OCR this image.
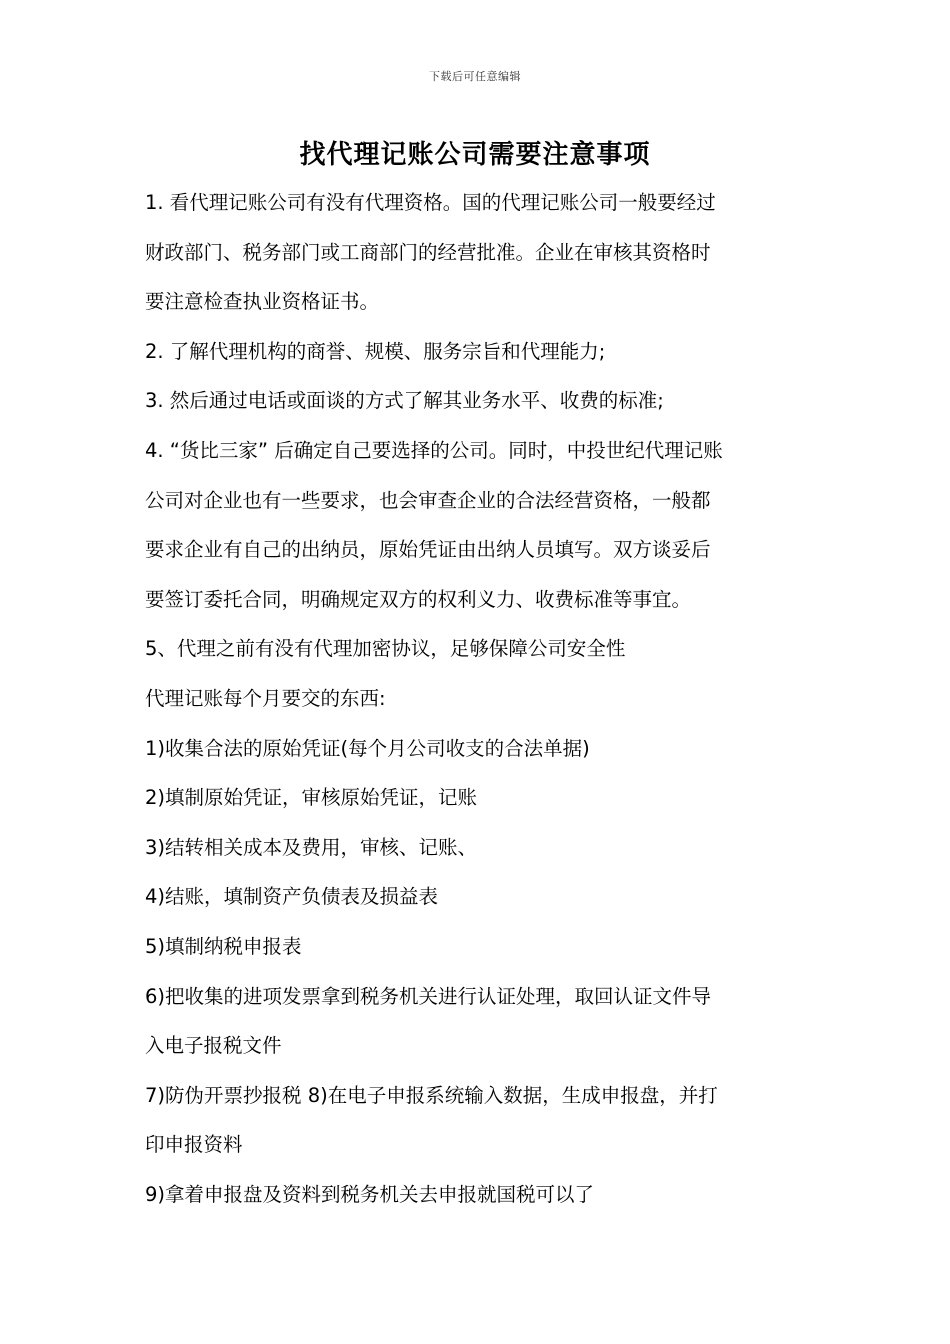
下载后可任意编辑
找代理记账公司需要注意事项
1. 看代理记账公司有没有代理资格。国的代理记账公司一般要经过
财政部门、税务部门或工商部门的经营批准。企业在审核其资格时
要注意检查执业资格证书。
2. 了解代理机构的商誉、规模、服务宗旨和代理能力;
3. 然后通过电话或面谈的方式了解其业务水平、收费的标准;
4. “货比三家” 后确定自己要选择的公司。同时，中投世纪代理记账
公司对企业也有一些要求，也会审查企业的合法经营资格，一般都
要求企业有自己的出纳员，原始凭证由出纳人员填写。双方谈妥后
要签订委托合同，明确规定双方的权利义力、收费标准等事宜。
5、代理之前有没有代理加密协议，足够保障公司安全性
代理记账每个月要交的东西:
1)收集合法的原始凭证(每个月公司收支的合法单据)
2)填制原始凭证，审核原始凭证，记账
3)结转相关成本及费用，审核、记账、
4)结账，填制资产负债表及损益表
5)填制纳税申报表
6)把收集的进项发票拿到税务机关进行认证处理，取回认证文件导
入电子报税文件
7)防伪开票抄报税 8)在电子申报系统输入数据，生成申报盘，并打
印申报资料
9)拿着申报盘及资料到税务机关去申报就国税可以了
